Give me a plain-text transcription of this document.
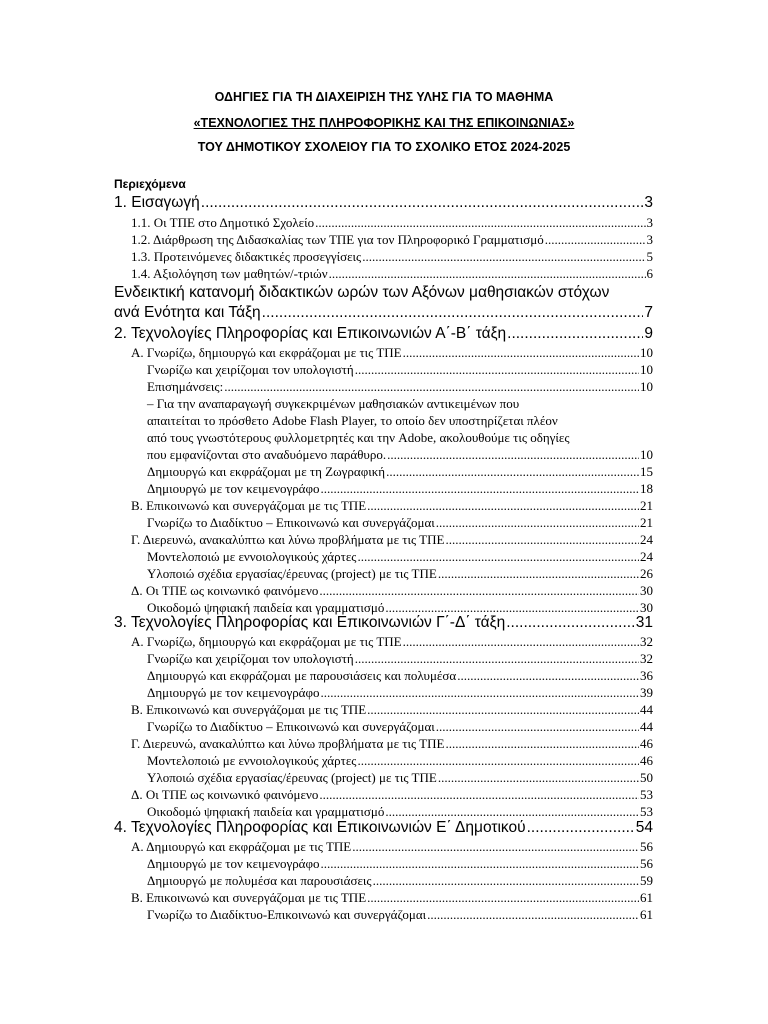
ΟΔΗΓΙΕΣ ΓΙΑ ΤΗ ΔΙΑΧΕΙΡΙΣΗ ΤΗΣ ΥΛΗΣ ΓΙΑ ΤΟ ΜΑΘΗΜΑ
«ΤΕΧΝΟΛΟΓΙΕΣ ΤΗΣ ΠΛΗΡΟΦΟΡΙΚΗΣ ΚΑΙ ΤΗΣ ΕΠΙΚΟΙΝΩΝΙΑΣ»
ΤΟΥ ΔΗΜΟΤΙΚΟΥ ΣΧΟΛΕΙΟΥ ΓΙΑ ΤΟ ΣΧΟΛΙΚΟ ΕΤΟΣ 2024-2025
Περιεχόμενα
1. Εισαγωγή .....	3
1.1. Οι ΤΠΕ στο Δημοτικό Σχολείο .....	3
1.2. Διάρθρωση της Διδασκαλίας των ΤΠΕ για τον Πληροφορικό Γραμματισμό .....	3
1.3. Προτεινόμενες διδακτικές προσεγγίσεις .....	5
1.4. Αξιολόγηση των μαθητών/-τριών .....	6
Ενδεικτική κατανομή διδακτικών ωρών των Αξόνων μαθησιακών στόχων
ανά Ενότητα και Τάξη .....	7
2. Τεχνολογίες Πληροφορίας και Επικοινωνιών Α΄-Β΄ τάξη .....	9
Α. Γνωρίζω, δημιουργώ και εκφράζομαι με τις ΤΠΕ .....	10
Γνωρίζω και χειρίζομαι τον υπολογιστή .....	10
Επισημάνσεις: .....	10
– Για την αναπαραγωγή συγκεκριμένων μαθησιακών αντικειμένων που
απαιτείται το πρόσθετο Adobe Flash Player, το οποίο δεν υποστηρίζεται πλέον
από τους γνωστότερους φυλλομετρητές και την Adobe, ακολουθούμε τις οδηγίες
που εμφανίζονται στο αναδυόμενο παράθυρο. .....	10
Δημιουργώ και εκφράζομαι με τη Ζωγραφική .....	15
Δημιουργώ με τον κειμενογράφο .....	18
Β. Επικοινωνώ και συνεργάζομαι με τις ΤΠΕ .....	21
Γνωρίζω το Διαδίκτυο – Επικοινωνώ και συνεργάζομαι .....	21
Γ. Διερευνώ, ανακαλύπτω και λύνω προβλήματα με τις ΤΠΕ .....	24
Μοντελοποιώ με εννοιολογικούς χάρτες .....	24
Υλοποιώ σχέδια εργασίας/έρευνας (project) με τις ΤΠΕ .....	26
Δ. Οι ΤΠΕ ως κοινωνικό φαινόμενο .....	30
Οικοδομώ ψηφιακή παιδεία και γραμματισμό .....	30
3. Τεχνολογίες Πληροφορίας και Επικοινωνιών Γ΄-Δ΄ τάξη .....	31
Α. Γνωρίζω, δημιουργώ και εκφράζομαι με τις ΤΠΕ .....	32
Γνωρίζω και χειρίζομαι τον υπολογιστή .....	32
Δημιουργώ και εκφράζομαι με παρουσιάσεις και πολυμέσα .....	36
Δημιουργώ με τον κειμενογράφο .....	39
Β. Επικοινωνώ και συνεργάζομαι με τις ΤΠΕ .....	44
Γνωρίζω το Διαδίκτυο – Επικοινωνώ και συνεργάζομαι .....	44
Γ. Διερευνώ, ανακαλύπτω και λύνω προβλήματα με τις ΤΠΕ .....	46
Μοντελοποιώ με εννοιολογικούς χάρτες .....	46
Υλοποιώ σχέδια εργασίας/έρευνας (project) με τις ΤΠΕ .....	50
Δ. Οι ΤΠΕ ως κοινωνικό φαινόμενο .....	53
Οικοδομώ ψηφιακή παιδεία και γραμματισμό .....	53
4. Τεχνολογίες Πληροφορίας και Επικοινωνιών Ε΄ Δημοτικού .....	54
Α. Δημιουργώ και εκφράζομαι με τις ΤΠΕ .....	56
Δημιουργώ με τον κειμενογράφο .....	56
Δημιουργώ με πολυμέσα και παρουσιάσεις .....	59
Β. Επικοινωνώ και συνεργάζομαι με τις ΤΠΕ .....	61
Γνωρίζω το Διαδίκτυο-Επικοινωνώ και συνεργάζομαι .....	61
